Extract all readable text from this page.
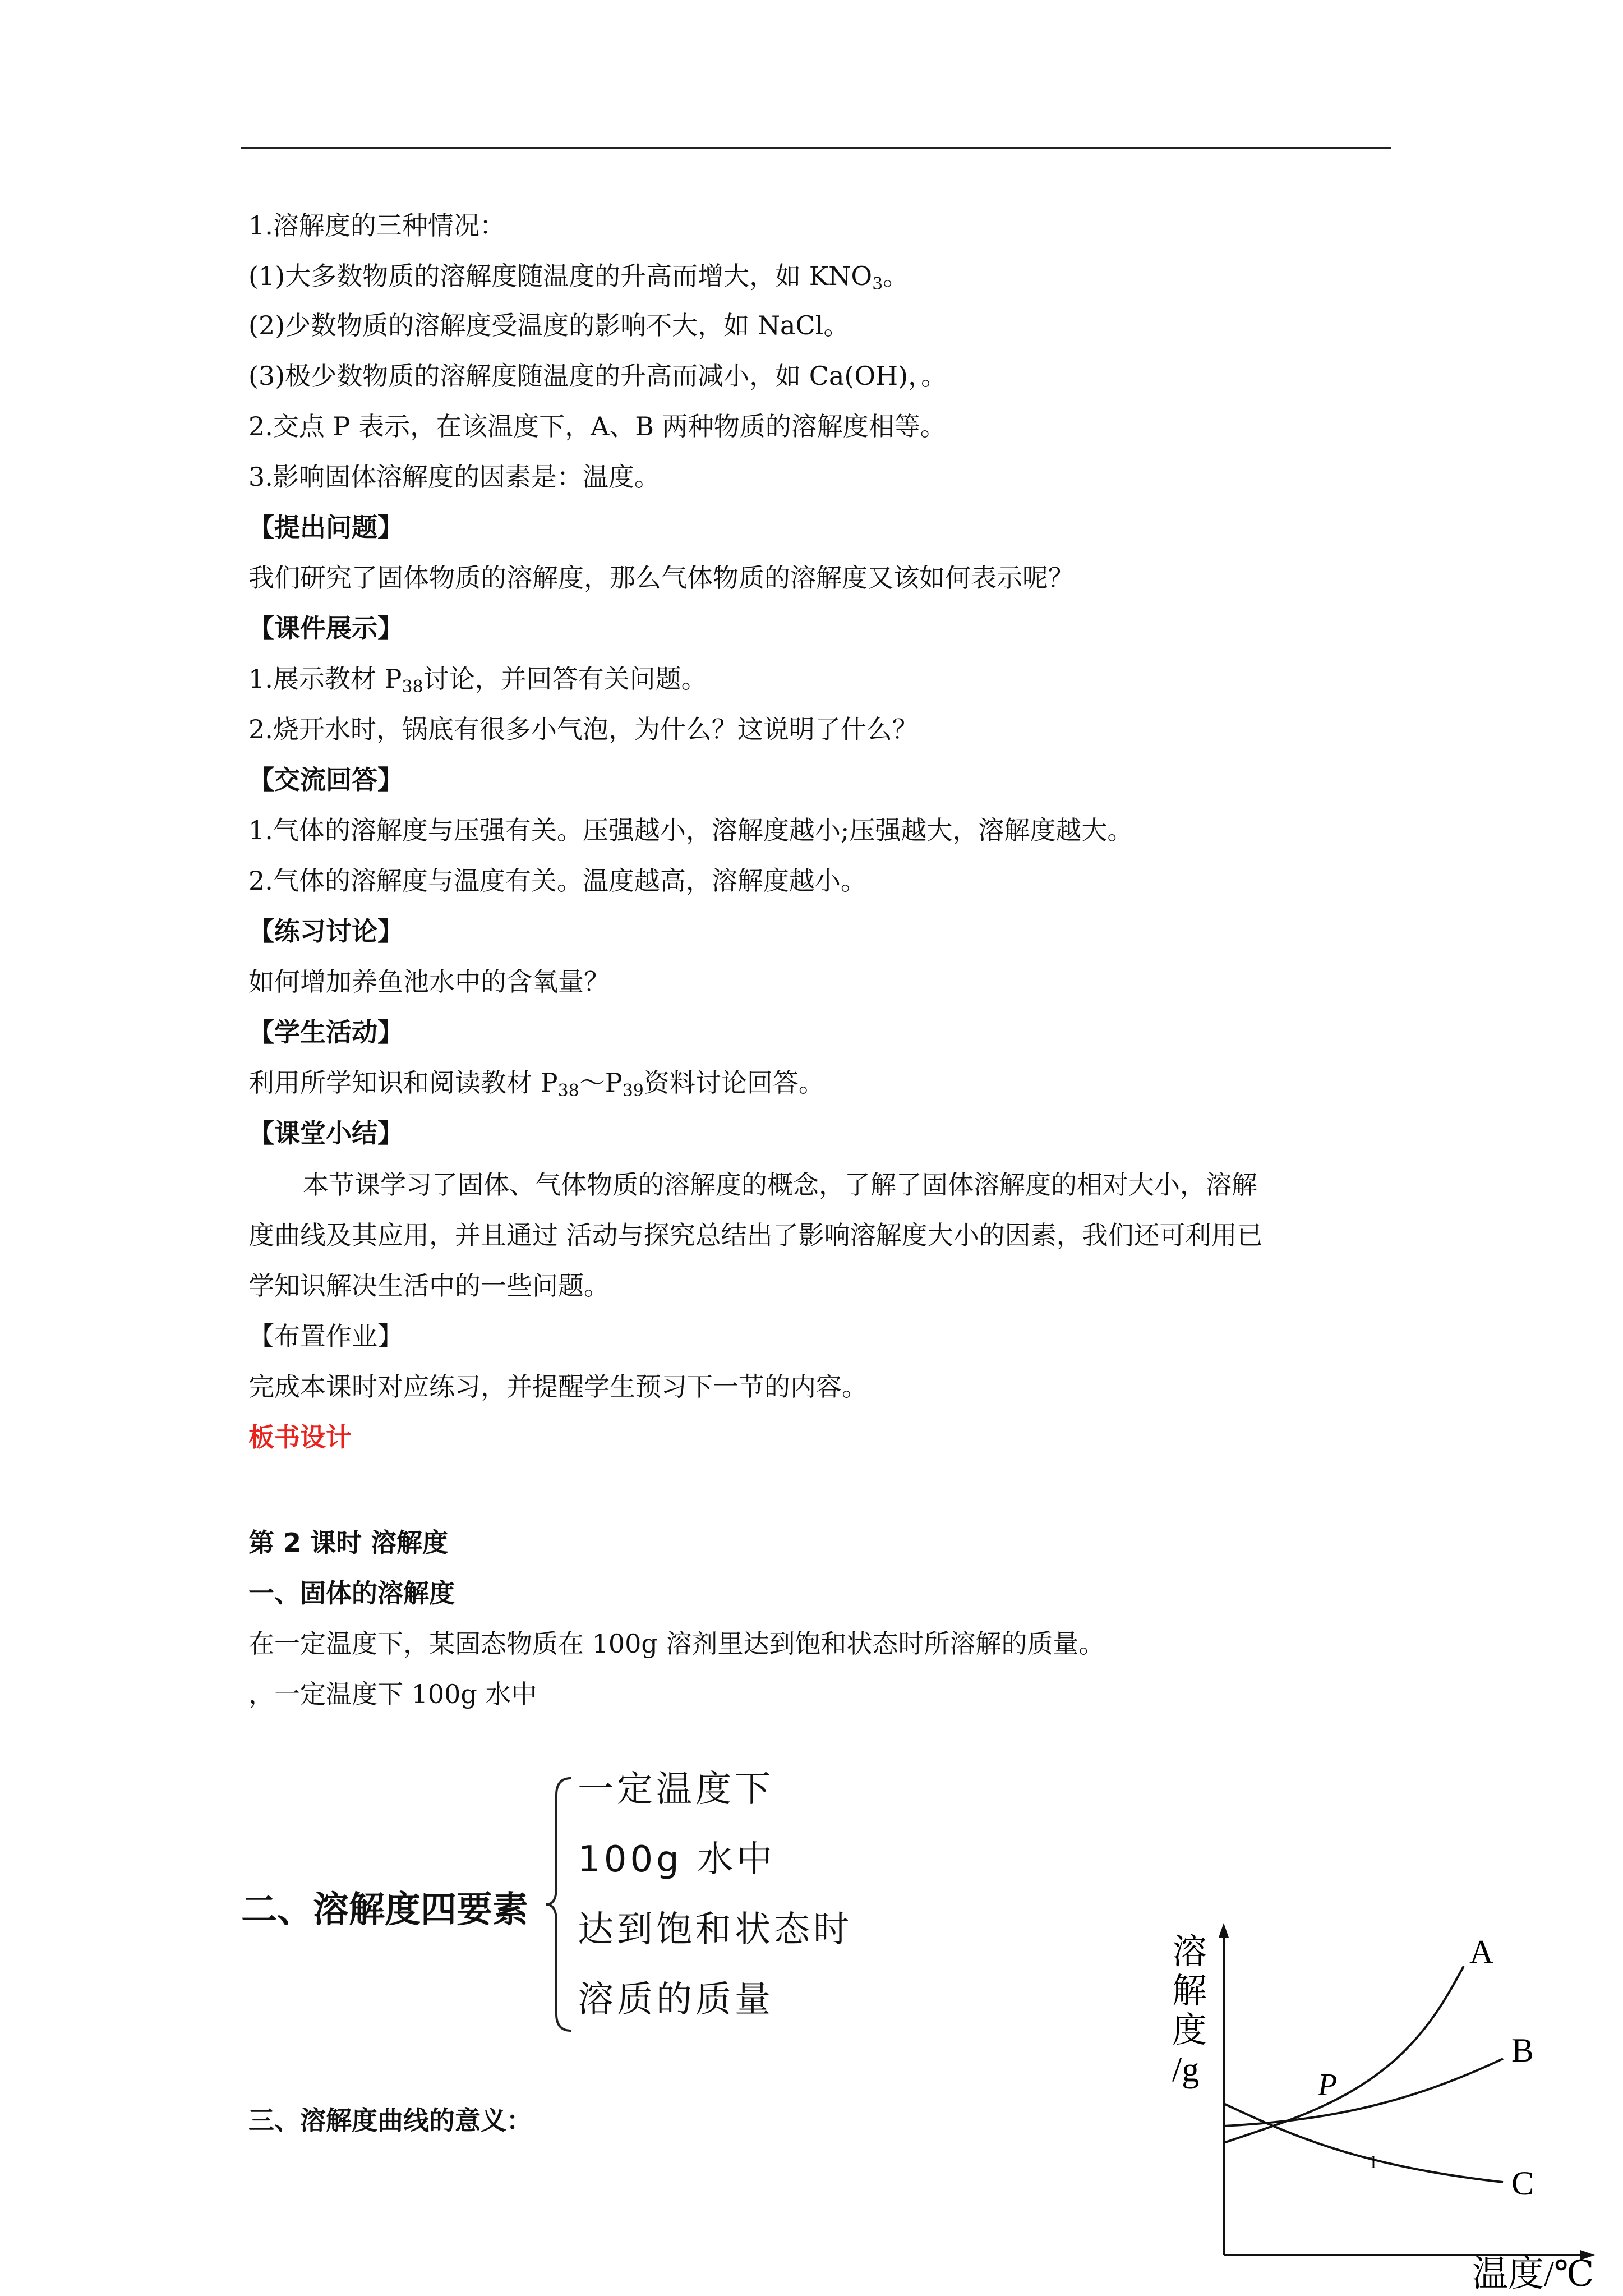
1.溶解度的三种情况：
(1)大多数物质的溶解度随温度的升高而增大，如 $KNO_3$。
(2)少数物质的溶解度受温度的影响不大，如 NaCl。
(3)极少数物质的溶解度随温度的升高而减小，如 Ca(OH)，。
2.交点 P 表示，在该温度下，A、B 两种物质的溶解度相等。
3.影响固体溶解度的因素是：温度。
【提出问题】
我们研究了固体物质的溶解度，那么气体物质的溶解度又该如何表示呢？
【课件展示】
1.展示教材 $P_{38}$讨论，并回答有关问题。
2.烧开水时，锅底有很多小气泡，为什么？这说明了什么？
【交流回答】
1.气体的溶解度与压强有关。压强越小，溶解度越小;压强越大，溶解度越大。
2.气体的溶解度与温度有关。温度越高，溶解度越小。
【练习讨论】
如何增加养鱼池水中的含氧量？
【学生活动】
利用所学知识和阅读教材 $P_{38}\sim P_{39}$资料讨论回答。
【课堂小结】
本节课学习了固体、气体物质的溶解度的概念，了解了固体溶解度的相对大小，溶解
度曲线及其应用，并且通过 活动与探究总结出了影响溶解度大小的因素，我们还可利用已
学知识解决生活中的一些问题。
【布置作业】
完成本课时对应练习，并提醒学生预习下一节的内容。
板书设计
第 2 课时 溶解度
一、固体的溶解度
在一定温度下，某固态物质在 100g 溶剂里达到饱和状态时所溶解的质量。
，一定温度下 100g 水中
二、溶解度四要素
一定温度下
100g 水中
达到饱和状态时
溶质的质量
三、溶解度曲线的意义：
溶
解
度
/g
温度/℃
A
B
C
P
1
